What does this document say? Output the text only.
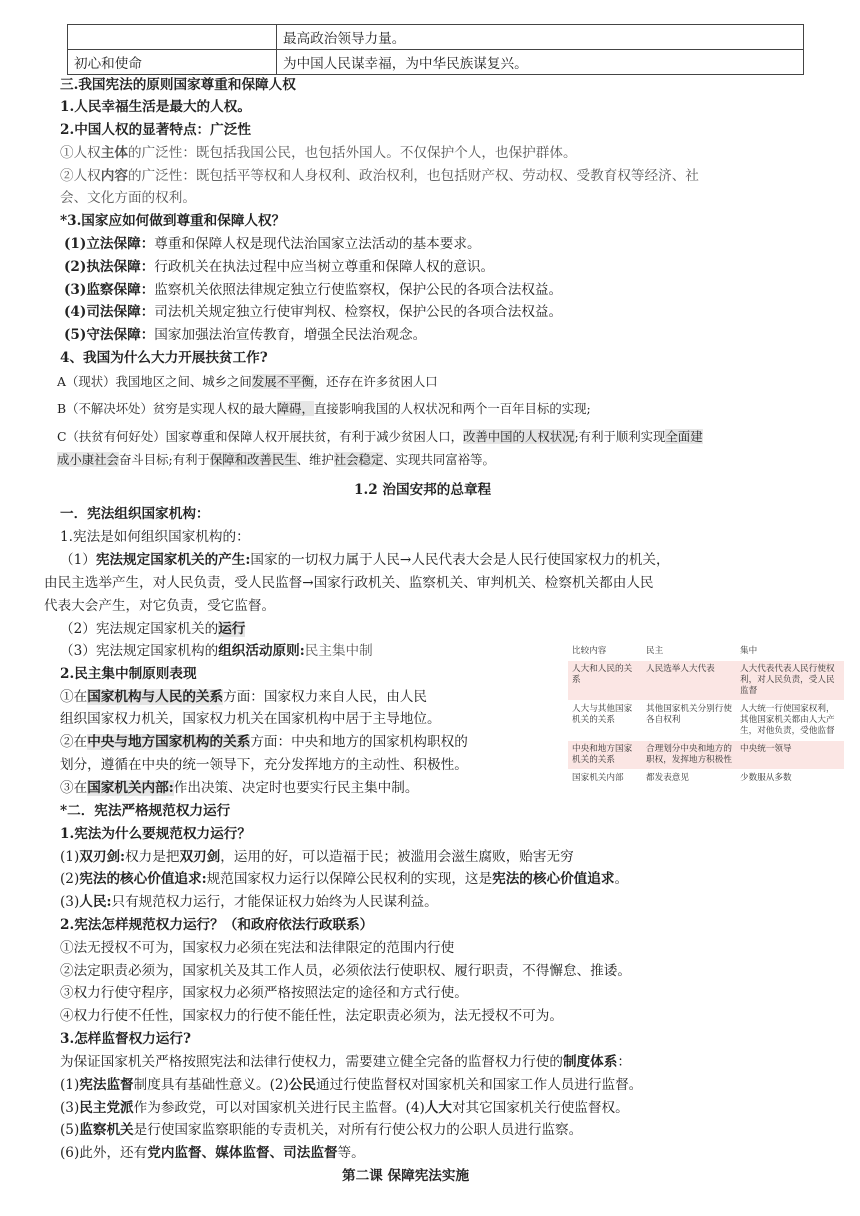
	最高政治领导力量。
初心和使命	为中国人民谋幸福，为中华民族谋复兴。
三.我国宪法的原则国家尊重和保障人权
1.人民幸福生活是最大的人权。
2.中国人权的显著特点：广泛性
①人权主体的广泛性：既包括我国公民，也包括外国人。不仅保护个人，也保护群体。
②人权内容的广泛性：既包括平等权和人身权利、政治权利，也包括财产权、劳动权、受教育权等经济、社
会、文化方面的权利。
*3.国家应如何做到尊重和保障人权？
(1)立法保障：尊重和保障人权是现代法治国家立法活动的基本要求。
(2)执法保障：行政机关在执法过程中应当树立尊重和保障人权的意识。
(3)监察保障：监察机关依照法律规定独立行使监察权，保护公民的各项合法权益。
(4)司法保障：司法机关规定独立行使审判权、检察权，保护公民的各项合法权益。
(5)守法保障：国家加强法治宣传教育，增强全民法治观念。
4、我国为什么大力开展扶贫工作?
A（现状）我国地区之间、城乡之间发展不平衡，还存在许多贫困人口
B（不解决坏处）贫穷是实现人权的最大障碍，直接影响我国的人权状况和两个一百年目标的实现;
C（扶贫有何好处）国家尊重和保障人权开展扶贫，有利于减少贫困人口，改善中国的人权状况;有利于顺利实现全面建
成小康社会奋斗目标;有利于保障和改善民生、维护社会稳定、实现共同富裕等。
1.2 治国安邦的总章程
一．宪法组织国家机构：
1.宪法是如何组织国家机构的：
（1）宪法规定国家机关的产生:国家的一切权力属于人民→人民代表大会是人民行使国家权力的机关，
由民主选举产生，对人民负责，受人民监督→国家行政机关、监察机关、审判机关、检察机关都由人民
代表大会产生，对它负责，受它监督。
（2）宪法规定国家机关的运行
（3）宪法规定国家机构的组织活动原则:民主集中制
2.民主集中制原则表现
①在国家机构与人民的关系方面：国家权力来自人民，由人民
组织国家权力机关，国家权力机关在国家机构中居于主导地位。
②在中央与地方国家机构的关系方面：中央和地方的国家机构职权的
划分，遵循在中央的统一领导下，充分发挥地方的主动性、积极性。
③在国家机关内部:作出决策、决定时也要实行民主集中制。
比较内容	民主	集中
人大和人民的关系	人民选举人大代表	人大代表代表人民行使权利，对人民负责，受人民监督
人大与其他国家机关的关系	其他国家机关分别行使各自权利	人大统一行使国家权利，其他国家机关都由人大产生，对他负责，受他监督
中央和地方国家机关的关系	合理划分中央和地方的职权，发挥地方积极性	中央统一领导
国家机关内部	都发表意见	少数服从多数
*二．宪法严格规范权力运行
1.宪法为什么要规范权力运行？
(1)双刃剑:权力是把双刃剑，运用的好，可以造福于民；被滥用会滋生腐败，贻害无穷
(2)宪法的核心价值追求:规范国家权力运行以保障公民权利的实现，这是宪法的核心价值追求。
(3)人民:只有规范权力运行，才能保证权力始终为人民谋利益。
2.宪法怎样规范权力运行？（和政府依法行政联系）
①法无授权不可为，国家权力必须在宪法和法律限定的范围内行使
②法定职责必须为，国家机关及其工作人员，必须依法行使职权、履行职责，不得懈怠、推诿。
③权力行使守程序，国家权力必须严格按照法定的途径和方式行使。
④权力行使不任性，国家权力的行使不能任性，法定职责必须为，法无授权不可为。
3.怎样监督权力运行?
为保证国家机关严格按照宪法和法律行使权力，需要建立健全完备的监督权力行使的制度体系：
(1)宪法监督制度具有基础性意义。(2)公民通过行使监督权对国家机关和国家工作人员进行监督。
(3)民主党派作为参政党，可以对国家机关进行民主监督。(4)人大对其它国家机关行使监督权。
(5)监察机关是行使国家监察职能的专责机关，对所有行使公权力的公职人员进行监察。
(6)此外，还有党内监督、媒体监督、司法监督等。
第二课 保障宪法实施
